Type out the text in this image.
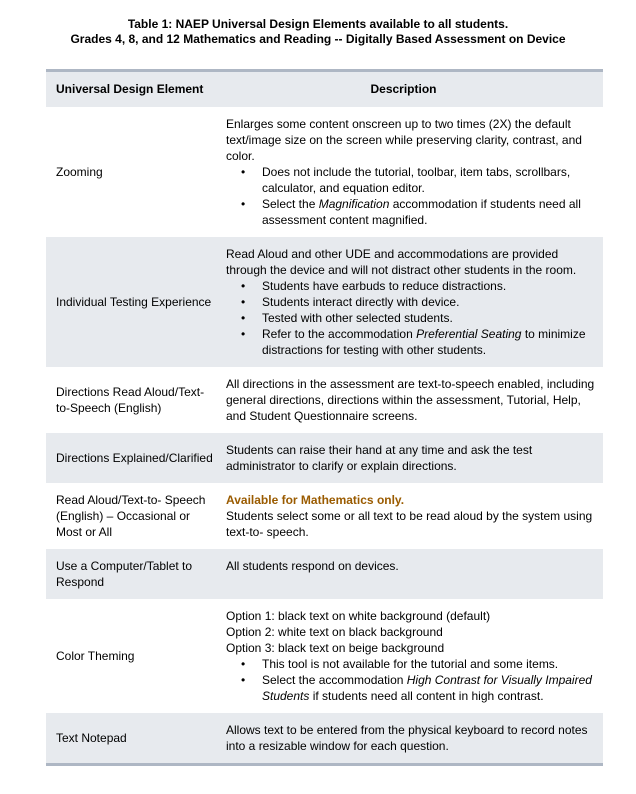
Table 1: NAEP Universal Design Elements available to all students.
Grades 4, 8, and 12 Mathematics and Reading -- Digitally Based Assessment on Device
Universal Design Element	Description
Zooming
Enlarges some content onscreen up to two times (2X) the default text/image size on the screen while preserving clarity, contrast, and color.
• Does not include the tutorial, toolbar, item tabs, scrollbars, calculator, and equation editor.
• Select the Magnification accommodation if students need all assessment content magnified.
Individual Testing Experience
Read Aloud and other UDE and accommodations are provided through the device and will not distract other students in the room.
• Students have earbuds to reduce distractions.
• Students interact directly with device.
• Tested with other selected students.
• Refer to the accommodation Preferential Seating to minimize distractions for testing with other students.
Directions Read Aloud/Text-to-Speech (English)
All directions in the assessment are text-to-speech enabled, including general directions, directions within the assessment, Tutorial, Help, and Student Questionnaire screens.
Directions Explained/Clarified
Students can raise their hand at any time and ask the test administrator to clarify or explain directions.
Read Aloud/Text-to- Speech (English) – Occasional or Most or All
Available for Mathematics only.
Students select some or all text to be read aloud by the system using text-to- speech.
Use a Computer/Tablet to Respond
All students respond on devices.
Color Theming
Option 1: black text on white background (default)
Option 2: white text on black background
Option 3: black text on beige background
• This tool is not available for the tutorial and some items.
• Select the accommodation High Contrast for Visually Impaired Students if students need all content in high contrast.
Text Notepad
Allows text to be entered from the physical keyboard to record notes into a resizable window for each question.
